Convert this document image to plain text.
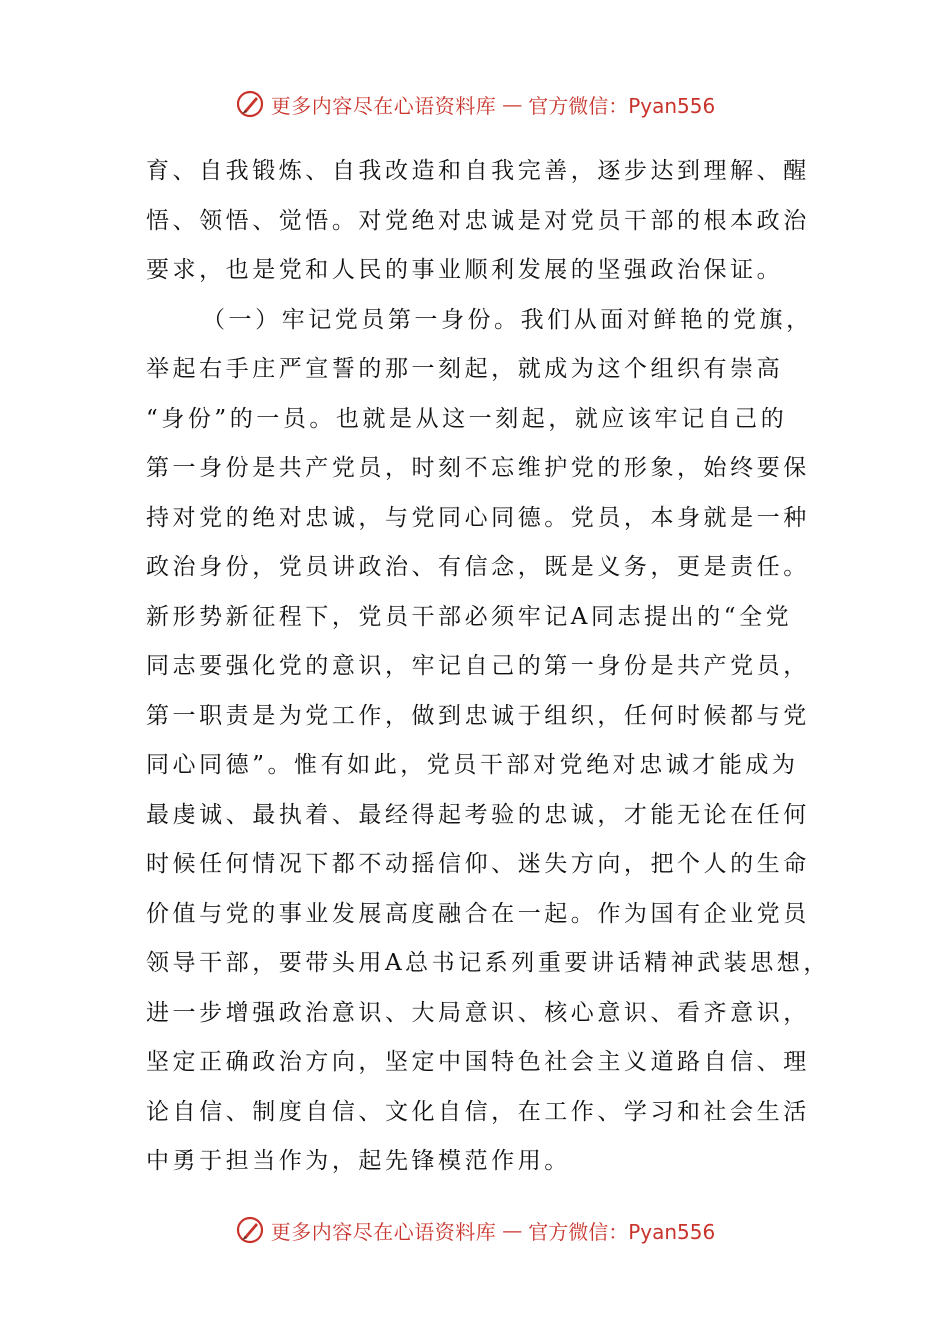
更多内容尽在心语资料库 — 官方微信：Pyan556
育、自我锻炼、自我改造和自我完善，逐步达到理解、醒
悟、领悟、觉悟。对党绝对忠诚是对党员干部的根本政治
要求，也是党和人民的事业顺利发展的坚强政治保证。
（一）牢记党员第一身份。我们从面对鲜艳的党旗，
举起右手庄严宣誓的那一刻起，就成为这个组织有崇高
“身份”的一员。也就是从这一刻起，就应该牢记自己的
第一身份是共产党员，时刻不忘维护党的形象，始终要保
持对党的绝对忠诚，与党同心同德。党员，本身就是一种
政治身份，党员讲政治、有信念，既是义务，更是责任。
新形势新征程下，党员干部必须牢记A同志提出的“全党
同志要强化党的意识，牢记自己的第一身份是共产党员，
第一职责是为党工作，做到忠诚于组织，任何时候都与党
同心同德”。惟有如此，党员干部对党绝对忠诚才能成为
最虔诚、最执着、最经得起考验的忠诚，才能无论在任何
时候任何情况下都不动摇信仰、迷失方向，把个人的生命
价值与党的事业发展高度融合在一起。作为国有企业党员
领导干部，要带头用A总书记系列重要讲话精神武装思想，
进一步增强政治意识、大局意识、核心意识、看齐意识，
坚定正确政治方向，坚定中国特色社会主义道路自信、理
论自信、制度自信、文化自信，在工作、学习和社会生活
中勇于担当作为，起先锋模范作用。
更多内容尽在心语资料库 — 官方微信：Pyan556
